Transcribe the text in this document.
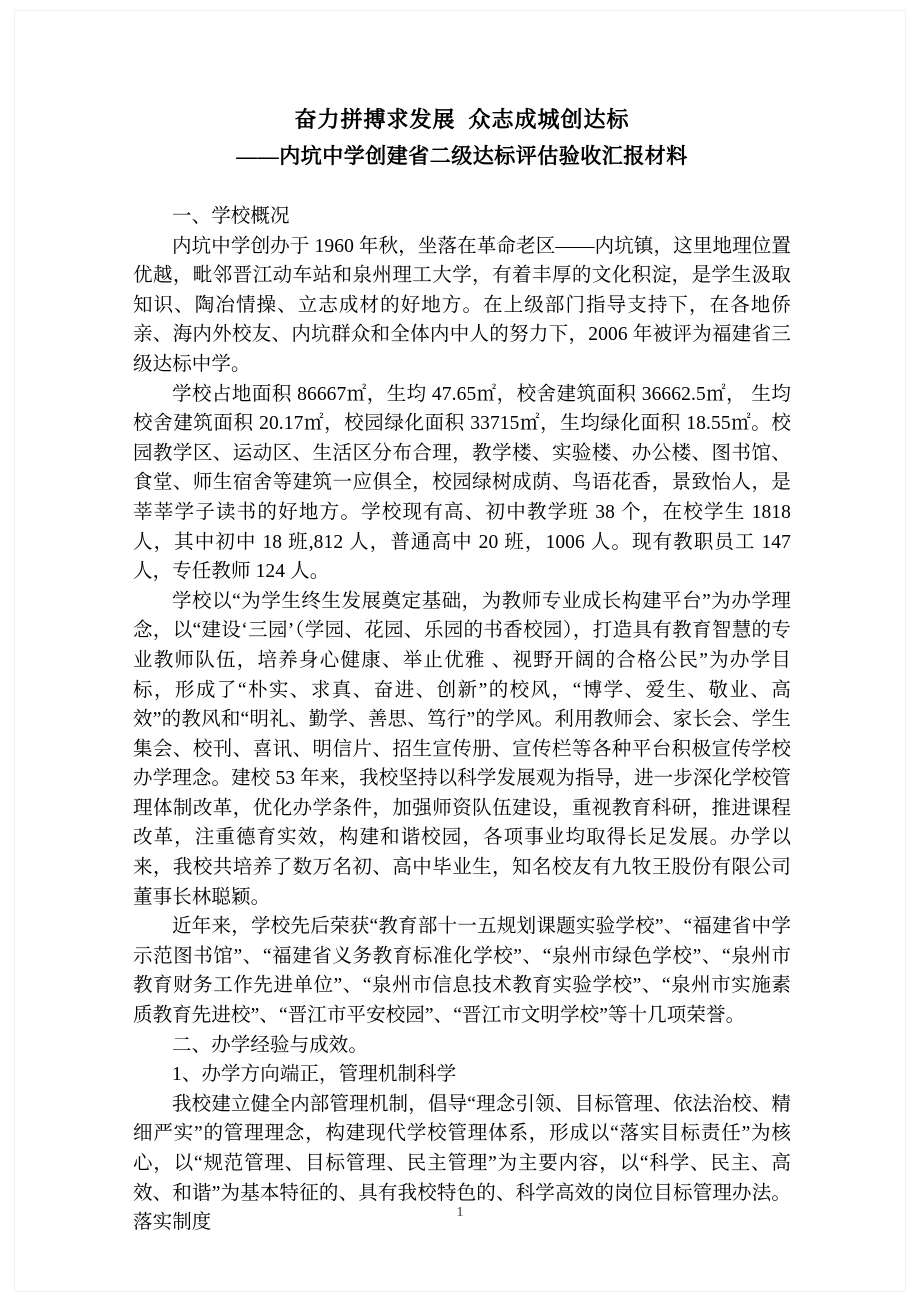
奋力拼搏求发展  众志成城创达标
——内坑中学创建省二级达标评估验收汇报材料

一、学校概况

内坑中学创办于 1960 年秋，坐落在革命老区——内坑镇，这里地理位置优越，毗邻晋江动车站和泉州理工大学，有着丰厚的文化积淀，是学生汲取知识、陶冶情操、立志成材的好地方。在上级部门指导支持下，在各地侨亲、海内外校友、内坑群众和全体内中人的努力下，2006 年被评为福建省三级达标中学。

学校占地面积 86667㎡，生均 47.65㎡，校舍建筑面积 36662.5㎡， 生均校舍建筑面积 20.17㎡，校园绿化面积 33715㎡，生均绿化面积 18.55㎡。校园教学区、运动区、生活区分布合理，教学楼、实验楼、办公楼、图书馆、食堂、师生宿舍等建筑一应俱全，校园绿树成荫、鸟语花香，景致怡人，是莘莘学子读书的好地方。学校现有高、初中教学班 38 个，在校学生 1818 人，其中初中 18 班,812 人，普通高中 20 班，1006 人。现有教职员工 147 人，专任教师 124 人。

学校以“为学生终生发展奠定基础，为教师专业成长构建平台”为办学理念，以“建设‘三园’（学园、花园、乐园的书香校园），打造具有教育智慧的专业教师队伍，培养身心健康、举止优雅 、视野开阔的合格公民”为办学目标，形成了“朴实、求真、奋进、创新”的校风，“博学、爱生、敬业、高效”的教风和“明礼、勤学、善思、笃行”的学风。利用教师会、家长会、学生集会、校刊、喜讯、明信片、招生宣传册、宣传栏等各种平台积极宣传学校办学理念。建校 53 年来，我校坚持以科学发展观为指导，进一步深化学校管理体制改革，优化办学条件，加强师资队伍建设，重视教育科研，推进课程改革，注重德育实效，构建和谐校园，各项事业均取得长足发展。办学以来，我校共培养了数万名初、高中毕业生，知名校友有九牧王股份有限公司董事长林聪颖。

近年来，学校先后荣获“教育部十一五规划课题实验学校”、“福建省中学示范图书馆”、“福建省义务教育标准化学校”、“泉州市绿色学校”、“泉州市教育财务工作先进单位”、“泉州市信息技术教育实验学校”、“泉州市实施素质教育先进校”、“晋江市平安校园”、“晋江市文明学校”等十几项荣誉。

二、办学经验与成效。

1、办学方向端正，管理机制科学

我校建立健全内部管理机制，倡导“理念引领、目标管理、依法治校、精细严实”的管理理念，构建现代学校管理体系，形成以“落实目标责任”为核心，以“规范管理、目标管理、民主管理”为主要内容，以“科学、民主、高效、和谐”为基本特征的、具有我校特色的、科学高效的岗位目标管理办法。落实制度	1
